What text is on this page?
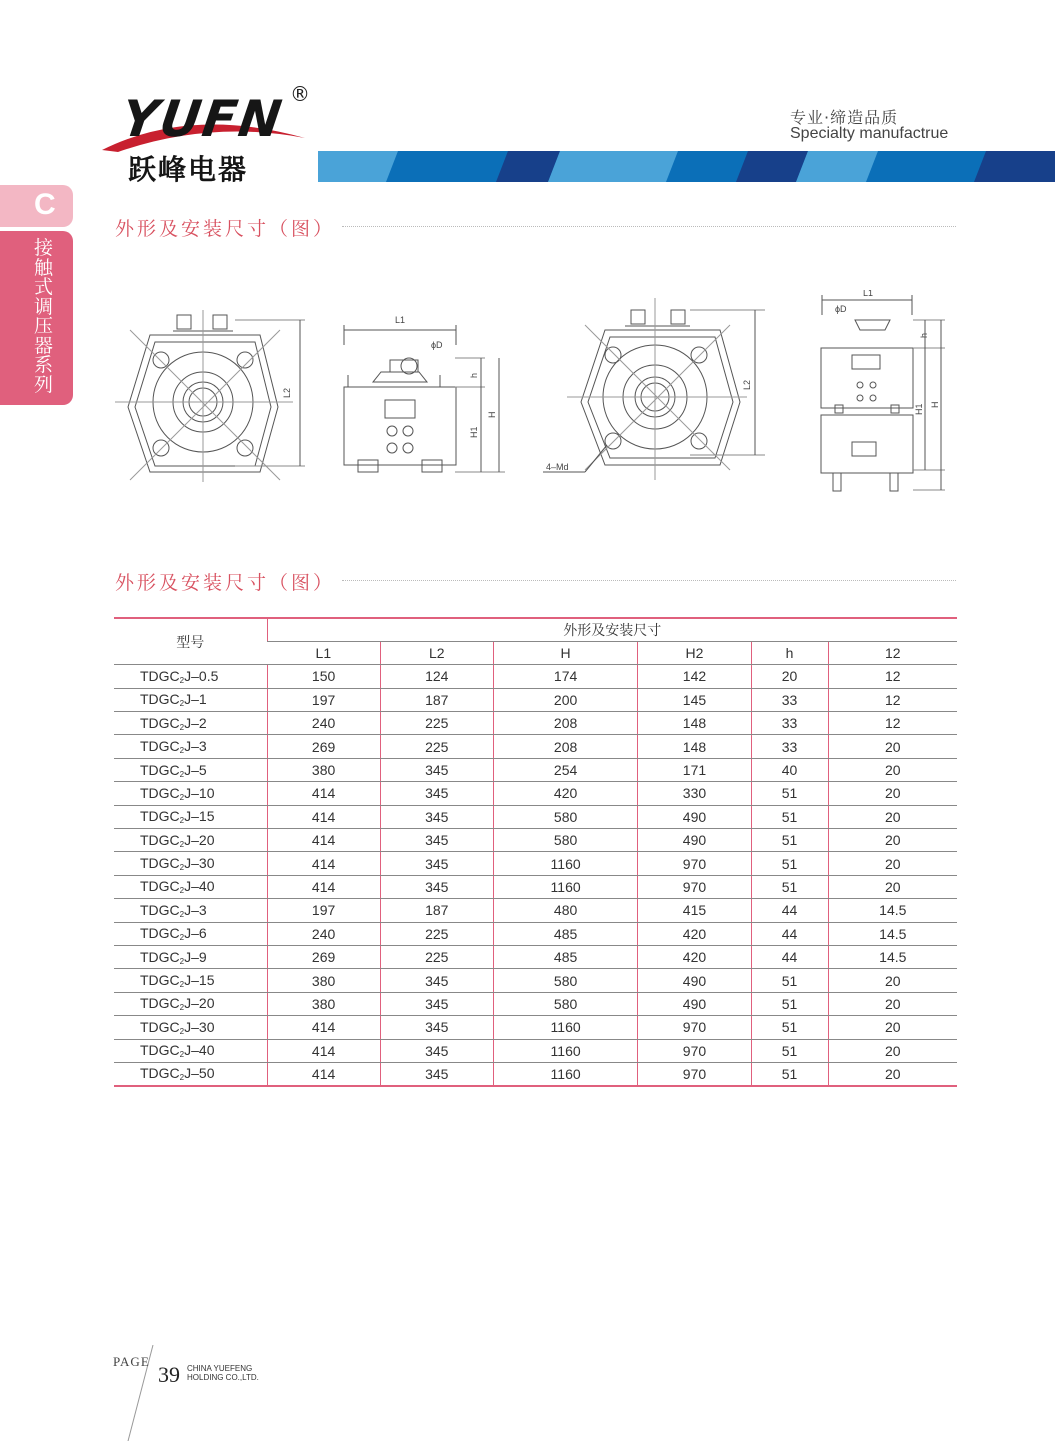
YUFN ®
跃峰电器
专业·缔造品质
Specialty manufactrue
C
接触式调压器系列
外形及安装尺寸（图）
L2
L1
ϕD
h
H
H1
L2
4–Md
L1
ϕD
h
H1 H
外形及安装尺寸（图）
型号	外形及安装尺寸					
	L1	L2	H	H2	h	12
$TDGC_2J-0.5$	150	124	174	142	20	12
$TDGC_2J-1$	197	187	200	145	33	12
$TDGC_2J-2$	240	225	208	148	33	12
$TDGC_2J-3$	269	225	208	148	33	20
$TDGC_2J-5$	380	345	254	171	40	20
$TDGC_2J-10$	414	345	420	330	51	20
$TDGC_2J-15$	414	345	580	490	51	20
$TDGC_2J-20$	414	345	580	490	51	20
$TDGC_2J-30$	414	345	1160	970	51	20
$TDGC_2J-40$	414	345	1160	970	51	20
$TDGC_2J-3$	197	187	480	415	44	14.5
$TDGC_2J-6$	240	225	485	420	44	14.5
$TDGC_2J-9$	269	225	485	420	44	14.5
$TDGC_2J-15$	380	345	580	490	51	20
$TDGC_2J-20$	380	345	580	490	51	20
$TDGC_2J-30$	414	345	1160	970	51	20
$TDGC_2J-40$	414	345	1160	970	51	20
$TDGC_2J-50$	414	345	1160	970	51	20
PAGE
39 CHINA YUEFENG
HOLDING CO.,LTD.
